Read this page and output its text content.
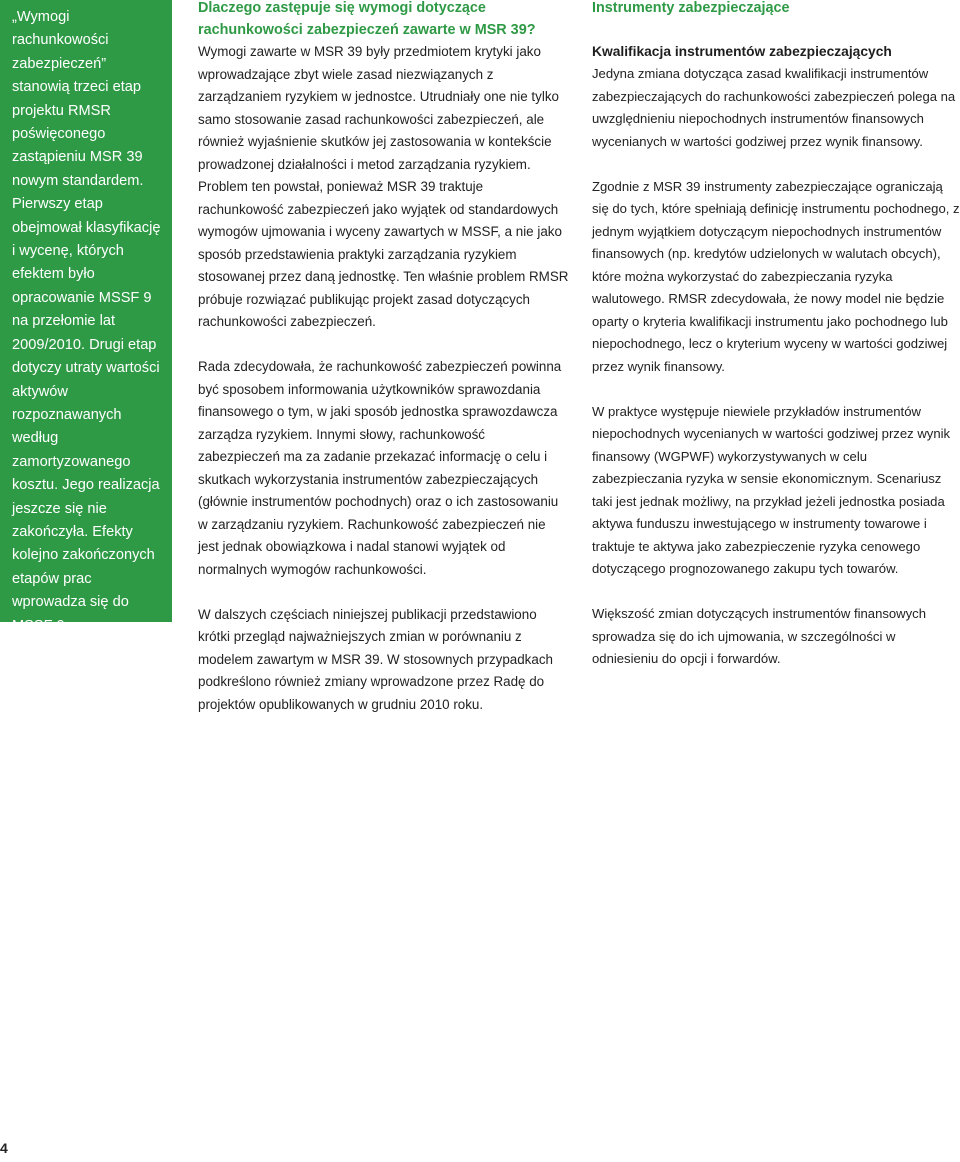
„Wymogi rachunkowości zabezpieczeń” stanowią trzeci etap projektu RMSR poświęconego zastąpieniu MSR 39 nowym standardem. Pierwszy etap obejmował klasyfikację i wycenę, których efektem było opracowanie MSSF 9 na przełomie lat 2009/2010. Drugi etap dotyczy utraty wartości aktywów rozpoznawanych według zamortyzowanego kosztu. Jego realizacja jeszcze się nie zakończyła. Efekty kolejno zakończonych etapów prac wprowadza się do MSSF 9.

Dlaczego zastępuje się wymogi dotyczące rachunkowości zabezpieczeń zawarte w MSR 39?

Wymogi zawarte w MSR 39 były przedmiotem krytyki jako wprowadzające zbyt wiele zasad niezwiązanych z zarządzaniem ryzykiem w jednostce. Utrudniały one nie tylko samo stosowanie zasad rachunkowości zabezpieczeń, ale również wyjaśnienie skutków jej zastosowania w kontekście prowadzonej działalności i metod zarządzania ryzykiem. Problem ten powstał, ponieważ MSR 39 traktuje rachunkowość zabezpieczeń jako wyjątek od standardowych wymogów ujmowania i wyceny zawartych w MSSF, a nie jako sposób przedstawienia praktyki zarządzania ryzykiem stosowanej przez daną jednostkę. Ten właśnie problem RMSR próbuje rozwiązać publikując projekt zasad dotyczących rachunkowości zabezpieczeń.

Rada zdecydowała, że rachunkowość zabezpieczeń powinna być sposobem informowania użytkowników sprawozdania finansowego o tym, w jaki sposób jednostka sprawozdawcza zarządza ryzykiem. Innymi słowy, rachunkowość zabezpieczeń ma za zadanie przekazać informację o celu i skutkach wykorzystania instrumentów zabezpieczających (głównie instrumentów pochodnych) oraz o ich zastosowaniu w zarządzaniu ryzykiem. Rachunkowość zabezpieczeń nie jest jednak obowiązkowa i nadal stanowi wyjątek od normalnych wymogów rachunkowości.

W dalszych częściach niniejszej publikacji przedstawiono krótki przegląd najważniejszych zmian w porównaniu z modelem zawartym w MSR 39. W stosownych przypadkach podkreślono również zmiany wprowadzone przez Radę do projektów opublikowanych w grudniu 2010 roku.

Instrumenty zabezpieczające
Kwalifikacja instrumentów zabezpieczających

Jedyna zmiana dotycząca zasad kwalifikacji instrumentów zabezpieczających do rachunkowości zabezpieczeń polega na uwzględnieniu niepochodnych instrumentów finansowych wycenianych w wartości godziwej przez wynik finansowy.

Zgodnie z MSR 39 instrumenty zabezpieczające ograniczają się do tych, które spełniają definicję instrumentu pochodnego, z jednym wyjątkiem dotyczącym niepochodnych instrumentów finansowych (np. kredytów udzielonych w walutach obcych), które można wykorzystać do zabezpieczania ryzyka walutowego. RMSR zdecydowała, że nowy model nie będzie oparty o kryteria kwalifikacji instrumentu jako pochodnego lub niepochodnego, lecz o kryterium wyceny w wartości godziwej przez wynik finansowy.

W praktyce występuje niewiele przykładów instrumentów niepochodnych wycenianych w wartości godziwej przez wynik finansowy (WGPWF) wykorzystywanych w celu zabezpieczania ryzyka w sensie ekonomicznym. Scenariusz taki jest jednak możliwy, na przykład jeżeli jednostka posiada aktywa funduszu inwestującego w instrumenty towarowe i traktuje te aktywa jako zabezpieczenie ryzyka cenowego dotyczącego prognozowanego zakupu tych towarów.

Większość zmian dotyczących instrumentów finansowych sprowadza się do ich ujmowania, w szczególności w odniesieniu do opcji i forwardów.

4
